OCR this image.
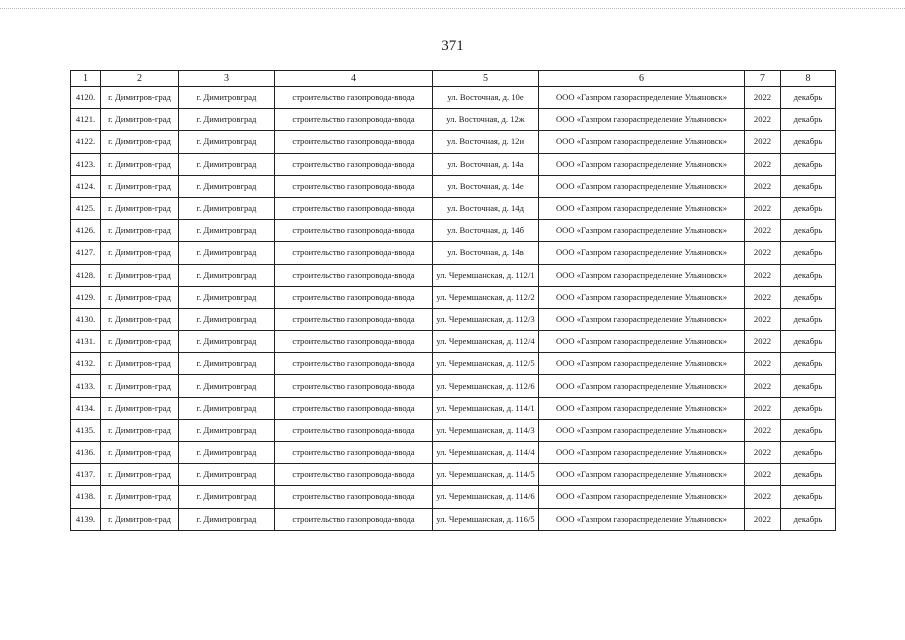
371
1	2	3	4	5	6	7	8
4120.	г. Димитров-град	г. Димитровград	строительство газопровода-ввода	ул. Восточная, д. 10е	ООО «Газпром газораспределение Ульяновск»	2022	декабрь
4121.	г. Димитров-град	г. Димитровград	строительство газопровода-ввода	ул. Восточная, д. 12ж	ООО «Газпром газораспределение Ульяновск»	2022	декабрь
4122.	г. Димитров-град	г. Димитровград	строительство газопровода-ввода	ул. Восточная, д. 12и	ООО «Газпром газораспределение Ульяновск»	2022	декабрь
4123.	г. Димитров-град	г. Димитровград	строительство газопровода-ввода	ул. Восточная, д. 14а	ООО «Газпром газораспределение Ульяновск»	2022	декабрь
4124.	г. Димитров-град	г. Димитровград	строительство газопровода-ввода	ул. Восточная, д. 14е	ООО «Газпром газораспределение Ульяновск»	2022	декабрь
4125.	г. Димитров-град	г. Димитровград	строительство газопровода-ввода	ул. Восточная, д. 14д	ООО «Газпром газораспределение Ульяновск»	2022	декабрь
4126.	г. Димитров-град	г. Димитровград	строительство газопровода-ввода	ул. Восточная, д. 14б	ООО «Газпром газораспределение Ульяновск»	2022	декабрь
4127.	г. Димитров-град	г. Димитровград	строительство газопровода-ввода	ул. Восточная, д. 14в	ООО «Газпром газораспределение Ульяновск»	2022	декабрь
4128.	г. Димитров-град	г. Димитровград	строительство газопровода-ввода	ул. Черемшанская, д. 112/1	ООО «Газпром газораспределение Ульяновск»	2022	декабрь
4129.	г. Димитров-град	г. Димитровград	строительство газопровода-ввода	ул. Черемшанская, д. 112/2	ООО «Газпром газораспределение Ульяновск»	2022	декабрь
4130.	г. Димитров-град	г. Димитровград	строительство газопровода-ввода	ул. Черемшанская, д. 112/3	ООО «Газпром газораспределение Ульяновск»	2022	декабрь
4131.	г. Димитров-град	г. Димитровград	строительство газопровода-ввода	ул. Черемшанская, д. 112/4	ООО «Газпром газораспределение Ульяновск»	2022	декабрь
4132.	г. Димитров-град	г. Димитровград	строительство газопровода-ввода	ул. Черемшанская, д. 112/5	ООО «Газпром газораспределение Ульяновск»	2022	декабрь
4133.	г. Димитров-град	г. Димитровград	строительство газопровода-ввода	ул. Черемшанская, д. 112/6	ООО «Газпром газораспределение Ульяновск»	2022	декабрь
4134.	г. Димитров-град	г. Димитровград	строительство газопровода-ввода	ул. Черемшанская, д. 114/1	ООО «Газпром газораспределение Ульяновск»	2022	декабрь
4135.	г. Димитров-град	г. Димитровград	строительство газопровода-ввода	ул. Черемшанская, д. 114/3	ООО «Газпром газораспределение Ульяновск»	2022	декабрь
4136.	г. Димитров-град	г. Димитровград	строительство газопровода-ввода	ул. Черемшанская, д. 114/4	ООО «Газпром газораспределение Ульяновск»	2022	декабрь
4137.	г. Димитров-град	г. Димитровград	строительство газопровода-ввода	ул. Черемшанская, д. 114/5	ООО «Газпром газораспределение Ульяновск»	2022	декабрь
4138.	г. Димитров-град	г. Димитровград	строительство газопровода-ввода	ул. Черемшанская, д. 114/6	ООО «Газпром газораспределение Ульяновск»	2022	декабрь
4139.	г. Димитров-град	г. Димитровград	строительство газопровода-ввода	ул. Черемшанская, д. 116/5	ООО «Газпром газораспределение Ульяновск»	2022	декабрь
